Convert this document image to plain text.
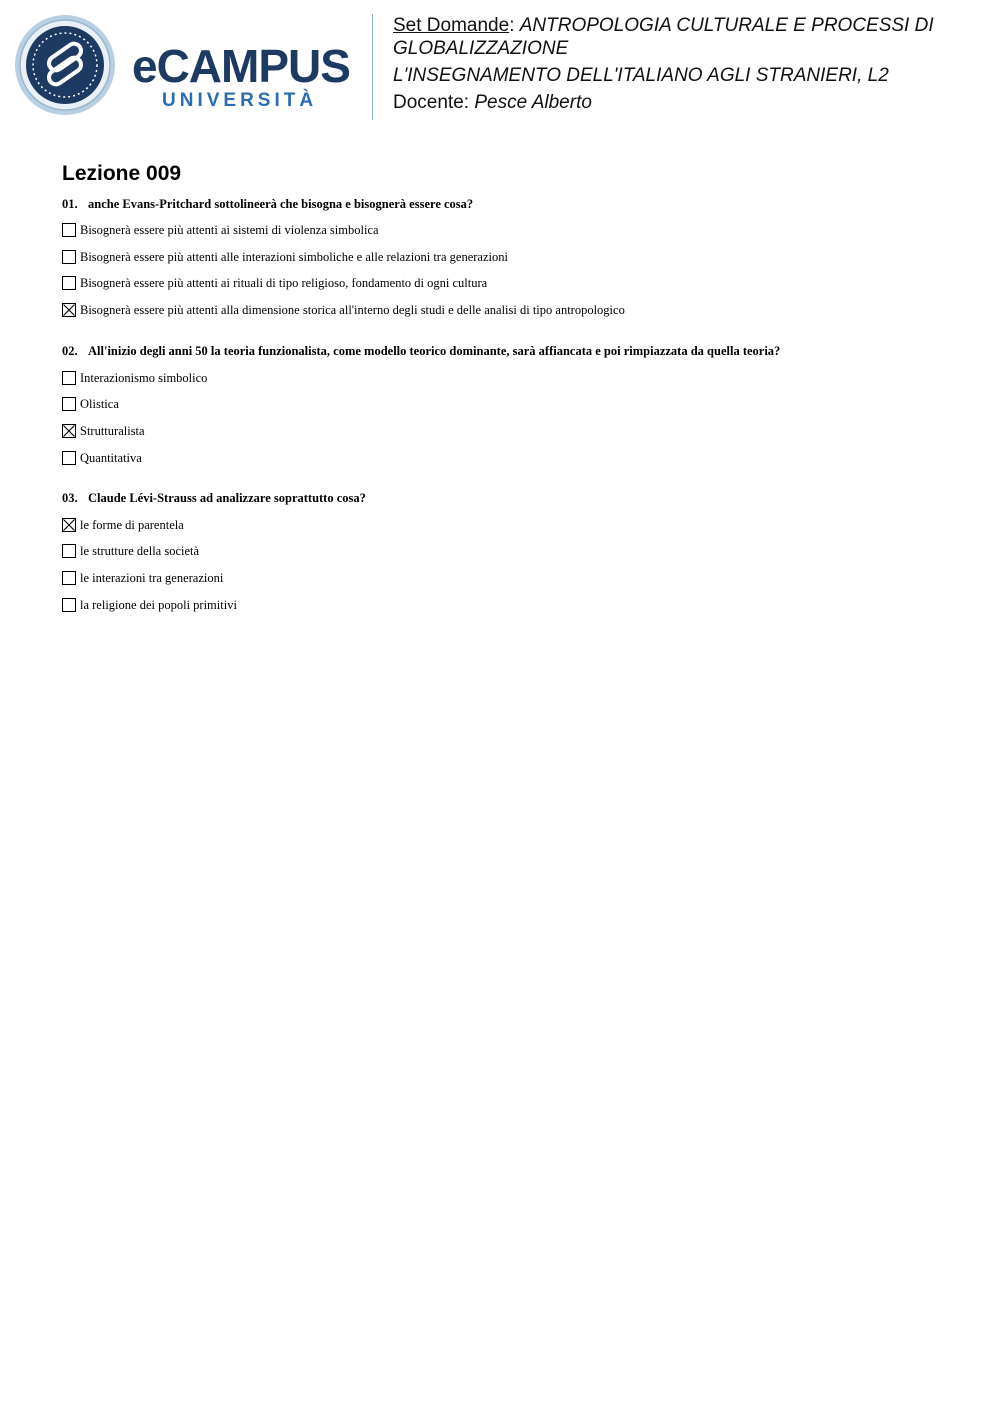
eCAMPUS
UNIVERSITÀ
Set Domande: ANTROPOLOGIA CULTURALE E PROCESSI DI GLOBALIZZAZIONE
L'INSEGNAMENTO DELL'ITALIANO AGLI STRANIERI, L2
Docente: Pesce Alberto
Lezione 009
01. anche Evans-Pritchard sottolineerà che bisogna e bisognerà essere cosa?
Bisognerà essere più attenti ai sistemi di violenza simbolica
Bisognerà essere più attenti alle interazioni simboliche e alle relazioni tra generazioni
Bisognerà essere più attenti ai rituali di tipo religioso, fondamento di ogni cultura
Bisognerà essere più attenti alla dimensione storica all'interno degli studi e delle analisi di tipo antropologico
02. All'inizio degli anni 50 la teoria funzionalista, come modello teorico dominante, sarà affiancata e poi rimpiazzata da quella teoria?
Interazionismo simbolico
Olistica
Strutturalista
Quantitativa
03. Claude Lévi-Strauss ad analizzare soprattutto cosa?
le forme di parentela
le strutture della società
le interazioni tra generazioni
la religione dei popoli primitivi
